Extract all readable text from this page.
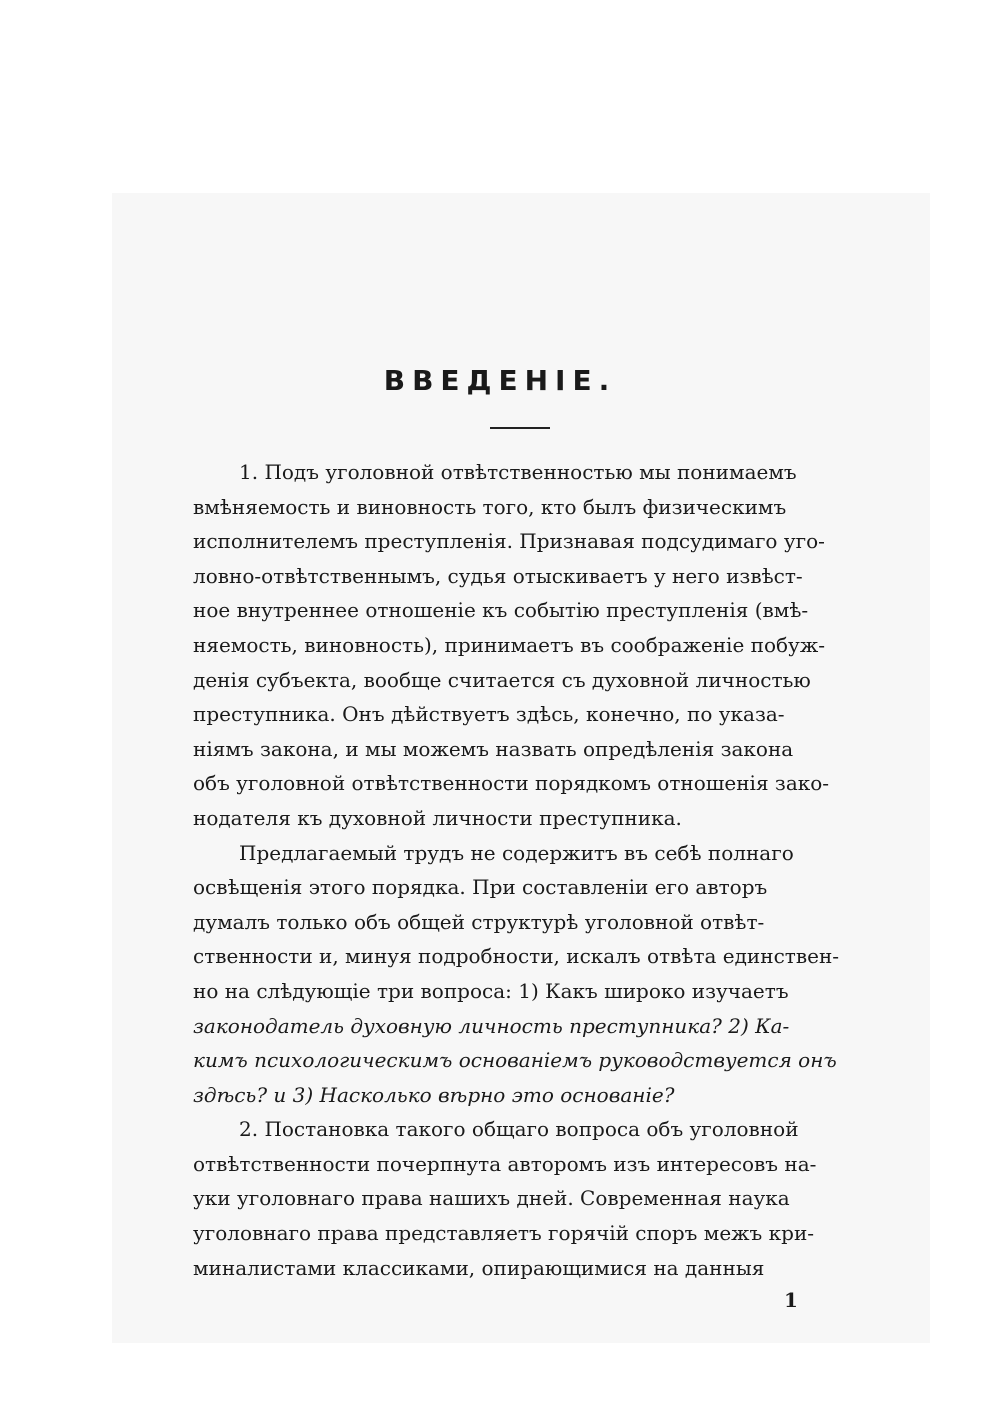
ВВЕДЕНІЕ.
1. Подъ уголовной отвѣтственностью мы понимаемъ
вмѣняемость и виновность того, кто былъ физическимъ
исполнителемъ преступленія. Признавая подсудимаго уго-
ловно-отвѣтственнымъ, судья отыскиваетъ у него извѣст-
ное внутреннее отношеніе къ событію преступленія (вмѣ-
няемость, виновность), принимаетъ въ соображеніе побуж-
денія субъекта, вообще считается съ духовной личностью
преступника. Онъ дѣйствуетъ здѣсь, конечно, по указа-
ніямъ закона, и мы можемъ назвать опредѣленія закона
объ уголовной отвѣтственности порядкомъ отношенія зако-
нодателя къ духовной личности преступника.
Предлагаемый трудъ не содержитъ въ себѣ полнаго
освѣщенія этого порядка. При составленіи его авторъ
думалъ только объ общей структурѣ уголовной отвѣт-
ственности и, минуя подробности, искалъ отвѣта единствен-
но на слѣдующіе три вопроса: 1) Какъ широко изучаетъ
законодатель духовную личность преступника? 2) Ка-
кимъ психологическимъ основаніемъ руководствуется онъ
здѣсь? и 3) Насколько вѣрно это основаніе?
2. Постановка такого общаго вопроса объ уголовной
отвѣтственности почерпнута авторомъ изъ интересовъ на-
уки уголовнаго права нашихъ дней. Современная наука
уголовнаго права представляетъ горячій споръ межъ кри-
миналистами классиками, опирающимися на данныя
1
